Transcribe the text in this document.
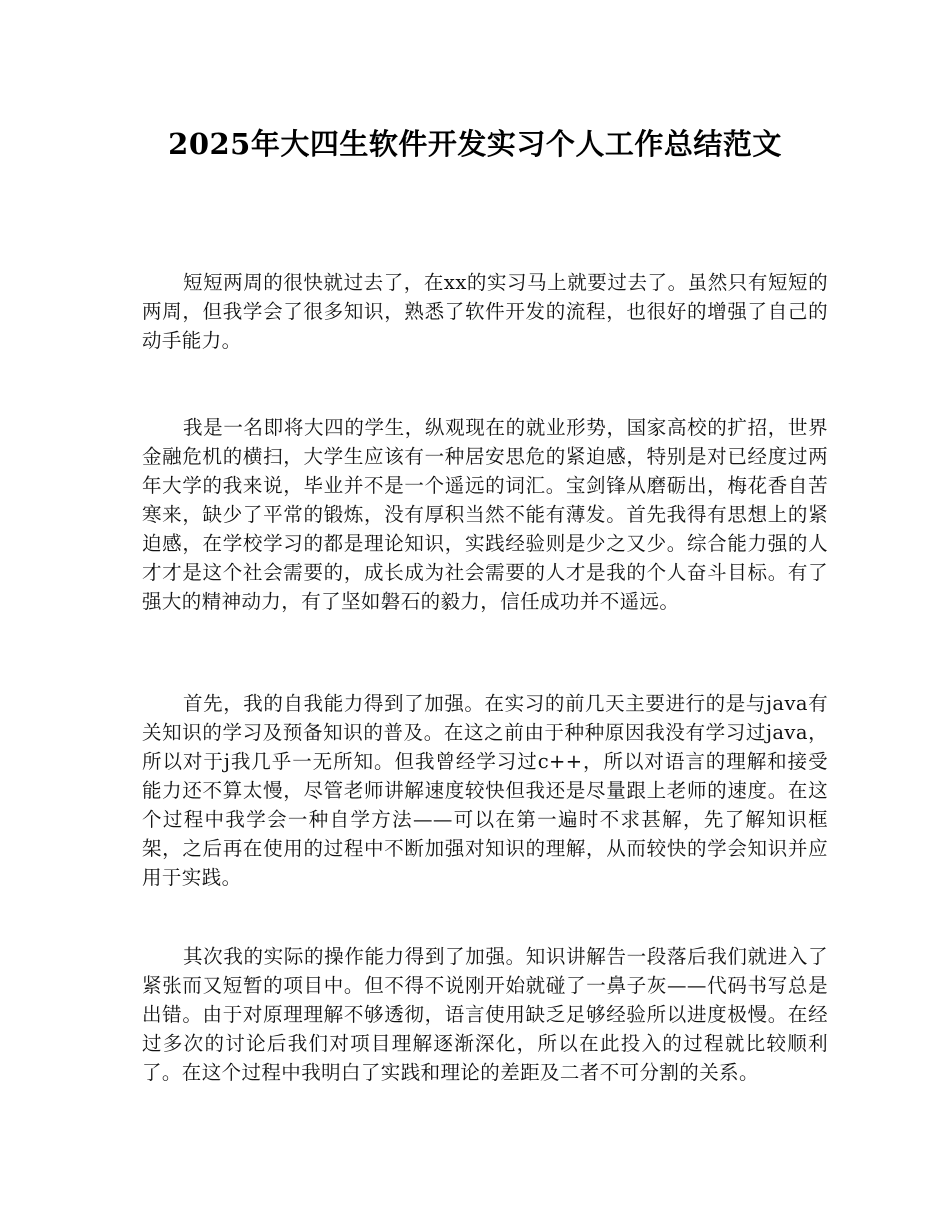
2025年大四生软件开发实习个人工作总结范文

短短两周的很快就过去了，在xx的实习马上就要过去了。虽然只有短短的两周，但我学会了很多知识，熟悉了软件开发的流程，也很好的增强了自己的动手能力。

我是一名即将大四的学生，纵观现在的就业形势，国家高校的扩招，世界金融危机的横扫，大学生应该有一种居安思危的紧迫感，特别是对已经度过两年大学的我来说，毕业并不是一个遥远的词汇。宝剑锋从磨砺出，梅花香自苦寒来，缺少了平常的锻炼，没有厚积当然不能有薄发。首先我得有思想上的紧迫感，在学校学习的都是理论知识，实践经验则是少之又少。综合能力强的人才才是这个社会需要的，成长成为社会需要的人才是我的个人奋斗目标。有了强大的精神动力，有了坚如磐石的毅力，信任成功并不遥远。

首先，我的自我能力得到了加强。在实习的前几天主要进行的是与java有关知识的学习及预备知识的普及。在这之前由于种种原因我没有学习过java，所以对于j我几乎一无所知。但我曾经学习过c++，所以对语言的理解和接受能力还不算太慢，尽管老师讲解速度较快但我还是尽量跟上老师的速度。在这个过程中我学会一种自学方法——可以在第一遍时不求甚解，先了解知识框架，之后再在使用的过程中不断加强对知识的理解，从而较快的学会知识并应用于实践。

其次我的实际的操作能力得到了加强。知识讲解告一段落后我们就进入了紧张而又短暂的项目中。但不得不说刚开始就碰了一鼻子灰——代码书写总是出错。由于对原理理解不够透彻，语言使用缺乏足够经验所以进度极慢。在经过多次的讨论后我们对项目理解逐渐深化，所以在此投入的过程就比较顺利了。在这个过程中我明白了实践和理论的差距及二者不可分割的关系。
